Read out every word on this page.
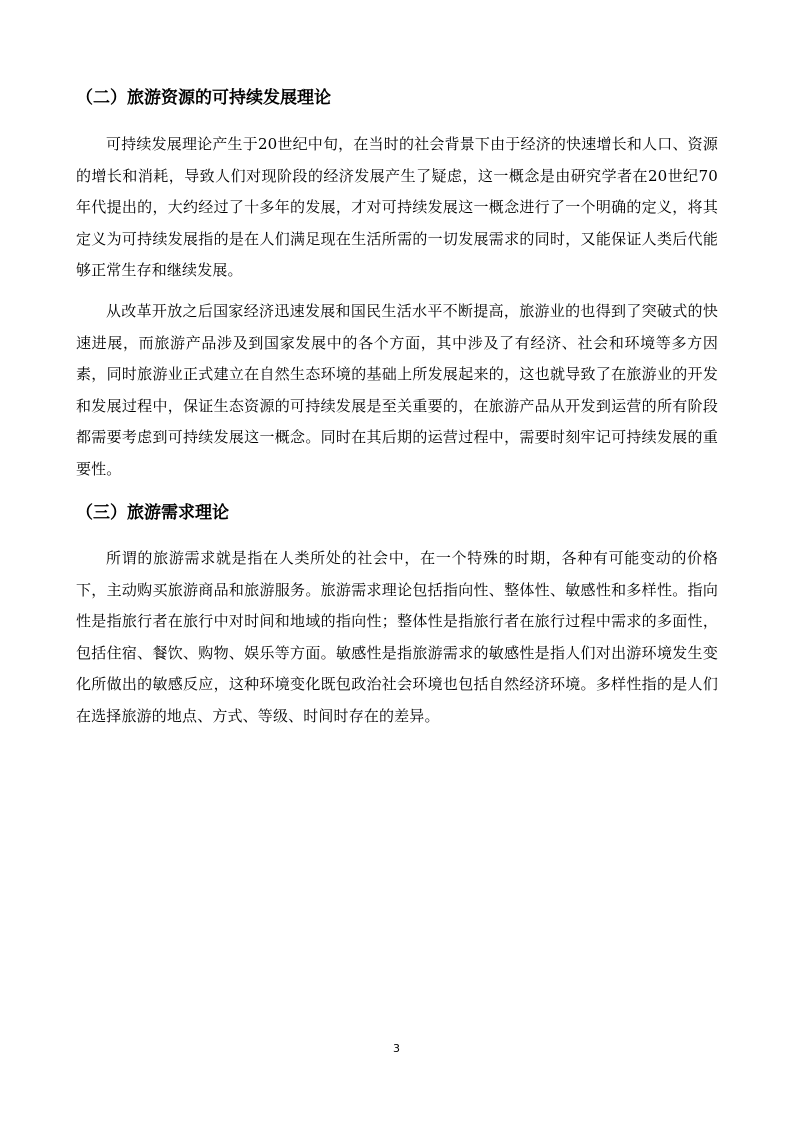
（二）旅游资源的可持续发展理论

可持续发展理论产生于20世纪中旬，在当时的社会背景下由于经济的快速增长和人口、资源的增长和消耗，导致人们对现阶段的经济发展产生了疑虑，这一概念是由研究学者在20世纪70年代提出的，大约经过了十多年的发展，才对可持续发展这一概念进行了一个明确的定义，将其定义为可持续发展指的是在人们满足现在生活所需的一切发展需求的同时，又能保证人类后代能够正常生存和继续发展。

从改革开放之后国家经济迅速发展和国民生活水平不断提高，旅游业的也得到了突破式的快速进展，而旅游产品涉及到国家发展中的各个方面，其中涉及了有经济、社会和环境等多方因素，同时旅游业正式建立在自然生态环境的基础上所发展起来的，这也就导致了在旅游业的开发和发展过程中，保证生态资源的可持续发展是至关重要的，在旅游产品从开发到运营的所有阶段都需要考虑到可持续发展这一概念。同时在其后期的运营过程中，需要时刻牢记可持续发展的重要性。

（三）旅游需求理论

所谓的旅游需求就是指在人类所处的社会中，在一个特殊的时期，各种有可能变动的价格下，主动购买旅游商品和旅游服务。旅游需求理论包括指向性、整体性、敏感性和多样性。指向性是指旅行者在旅行中对时间和地域的指向性；整体性是指旅行者在旅行过程中需求的多面性，包括住宿、餐饮、购物、娱乐等方面。敏感性是指旅游需求的敏感性是指人们对出游环境发生变化所做出的敏感反应，这种环境变化既包政治社会环境也包括自然经济环境。多样性指的是人们在选择旅游的地点、方式、等级、时间时存在的差异。

3
